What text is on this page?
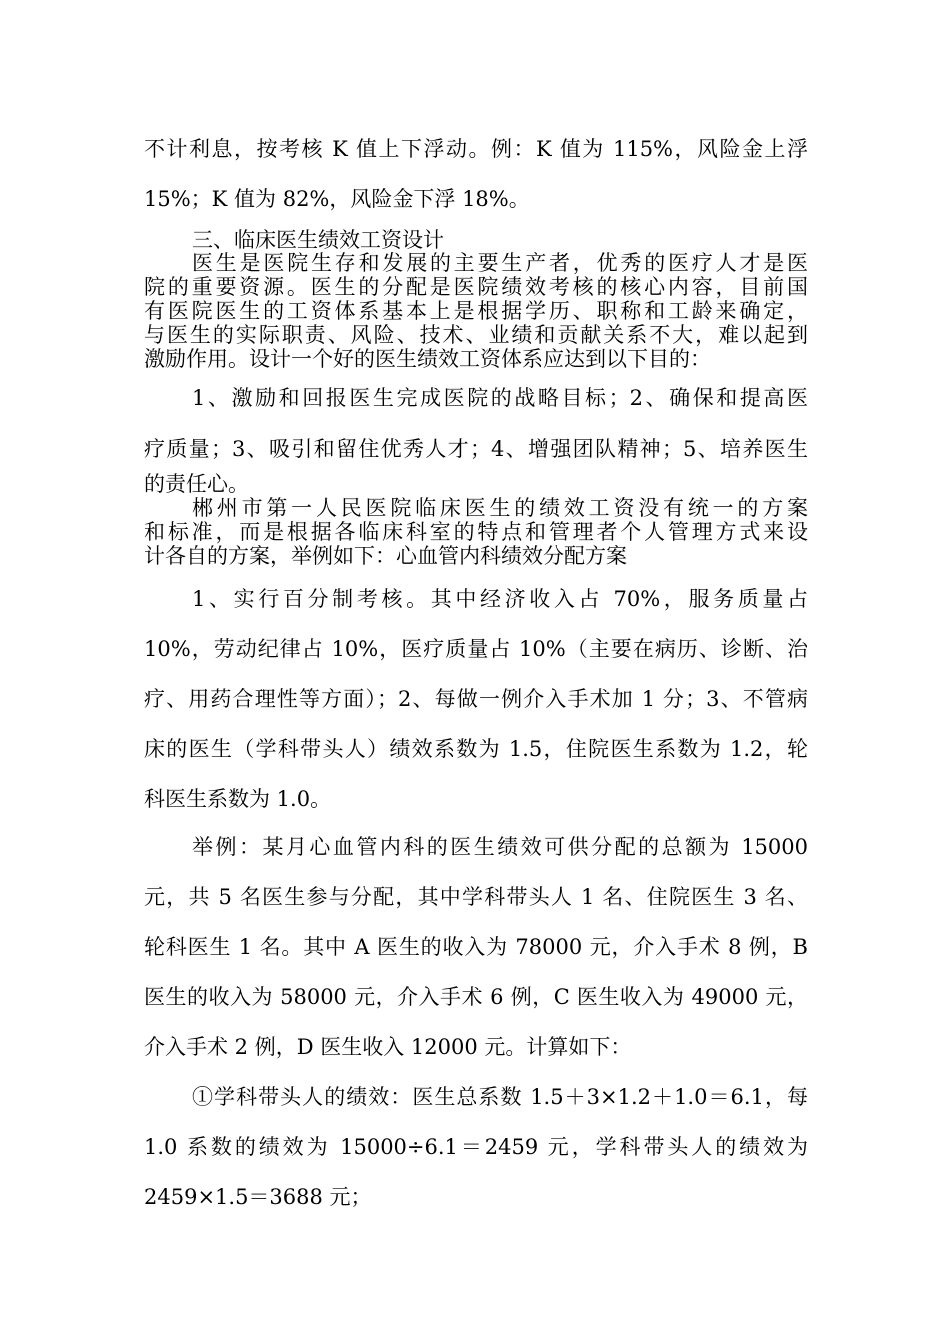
不计利息，按考核 K 值上下浮动。例：K 值为 115%，风险金上浮
15%；K 值为 82%，风险金下浮 18%。
三、临床医生绩效工资设计
医生是医院生存和发展的主要生产者，优秀的医疗人才是医
院的重要资源。医生的分配是医院绩效考核的核心内容，目前国
有医院医生的工资体系基本上是根据学历、职称和工龄来确定，
与医生的实际职责、风险、技术、业绩和贡献关系不大，难以起到
激励作用。设计一个好的医生绩效工资体系应达到以下目的：
1、激励和回报医生完成医院的战略目标；2、确保和提高医
疗质量；3、吸引和留住优秀人才；4、增强团队精神；5、培养医生
的责任心。
郴州市第一人民医院临床医生的绩效工资没有统一的方案
和标准，而是根据各临床科室的特点和管理者个人管理方式来设
计各自的方案，举例如下：心血管内科绩效分配方案
1、实行百分制考核。其中经济收入占 70%，服务质量占
10%，劳动纪律占 10%，医疗质量占 10%（主要在病历、诊断、治
疗、用药合理性等方面）；2、每做一例介入手术加 1 分；3、不管病
床的医生（学科带头人）绩效系数为 1.5，住院医生系数为 1.2，轮
科医生系数为 1.0。
举例：某月心血管内科的医生绩效可供分配的总额为 15000
元，共 5 名医生参与分配，其中学科带头人 1 名、住院医生 3 名、
轮科医生 1 名。其中 A 医生的收入为 78000 元，介入手术 8 例，B
医生的收入为 58000 元，介入手术 6 例，C 医生收入为 49000 元，
介入手术 2 例，D 医生收入 12000 元。计算如下：
①学科带头人的绩效：医生总系数 1.5＋3×1.2＋1.0＝6.1，每
1.0 系数的绩效为 15000÷6.1＝2459 元，学科带头人的绩效为
2459×1.5＝3688 元；
